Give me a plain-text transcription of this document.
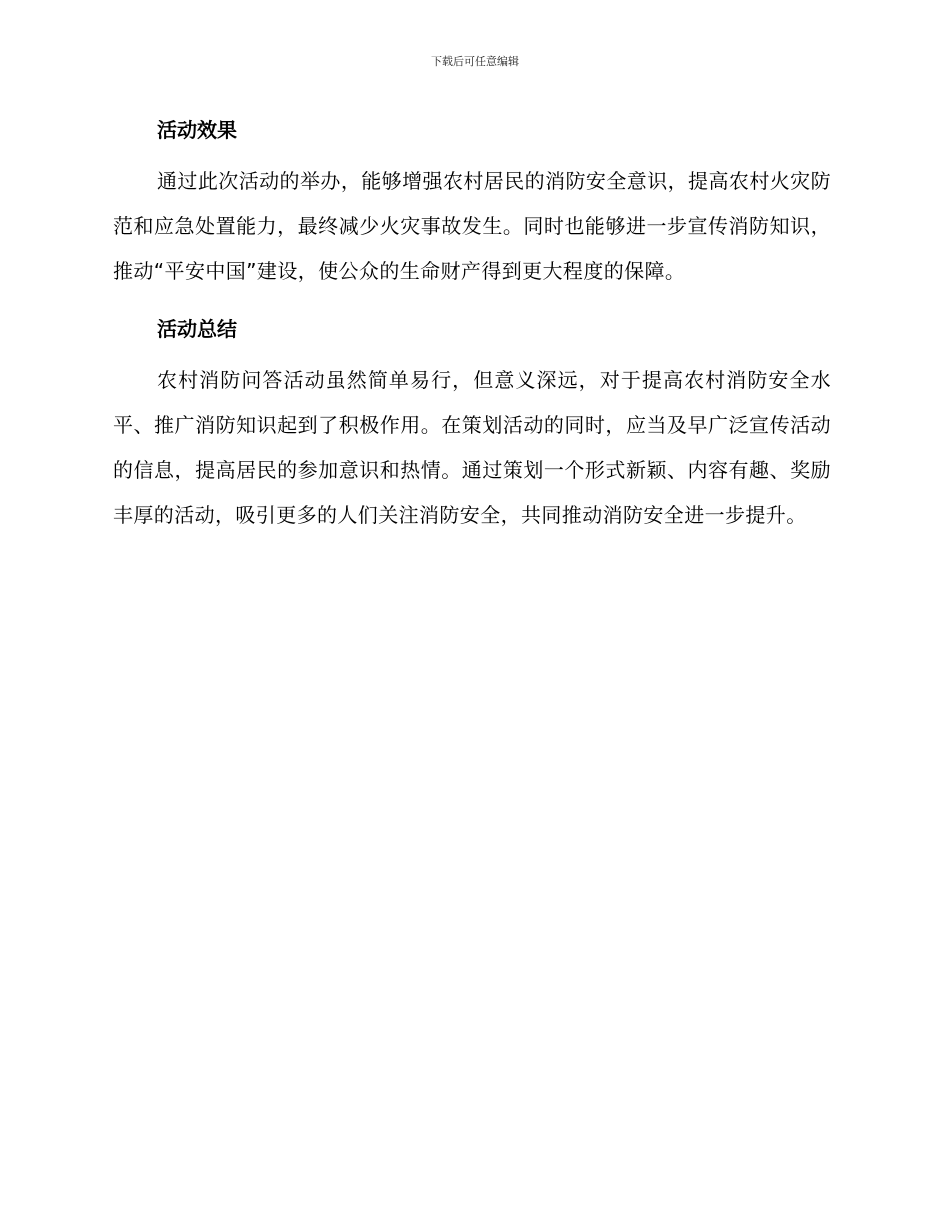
下载后可任意编辑
活动效果

通过此次活动的举办，能够增强农村居民的消防安全意识，提高农村火灾防范和应急处置能力，最终减少火灾事故发生。同时也能够进一步宣传消防知识，推动“平安中国”建设，使公众的生命财产得到更大程度的保障。

活动总结

农村消防问答活动虽然简单易行，但意义深远，对于提高农村消防安全水平、推广消防知识起到了积极作用。在策划活动的同时，应当及早广泛宣传活动的信息，提高居民的参加意识和热情。通过策划一个形式新颖、内容有趣、奖励丰厚的活动，吸引更多的人们关注消防安全，共同推动消防安全进一步提升。
